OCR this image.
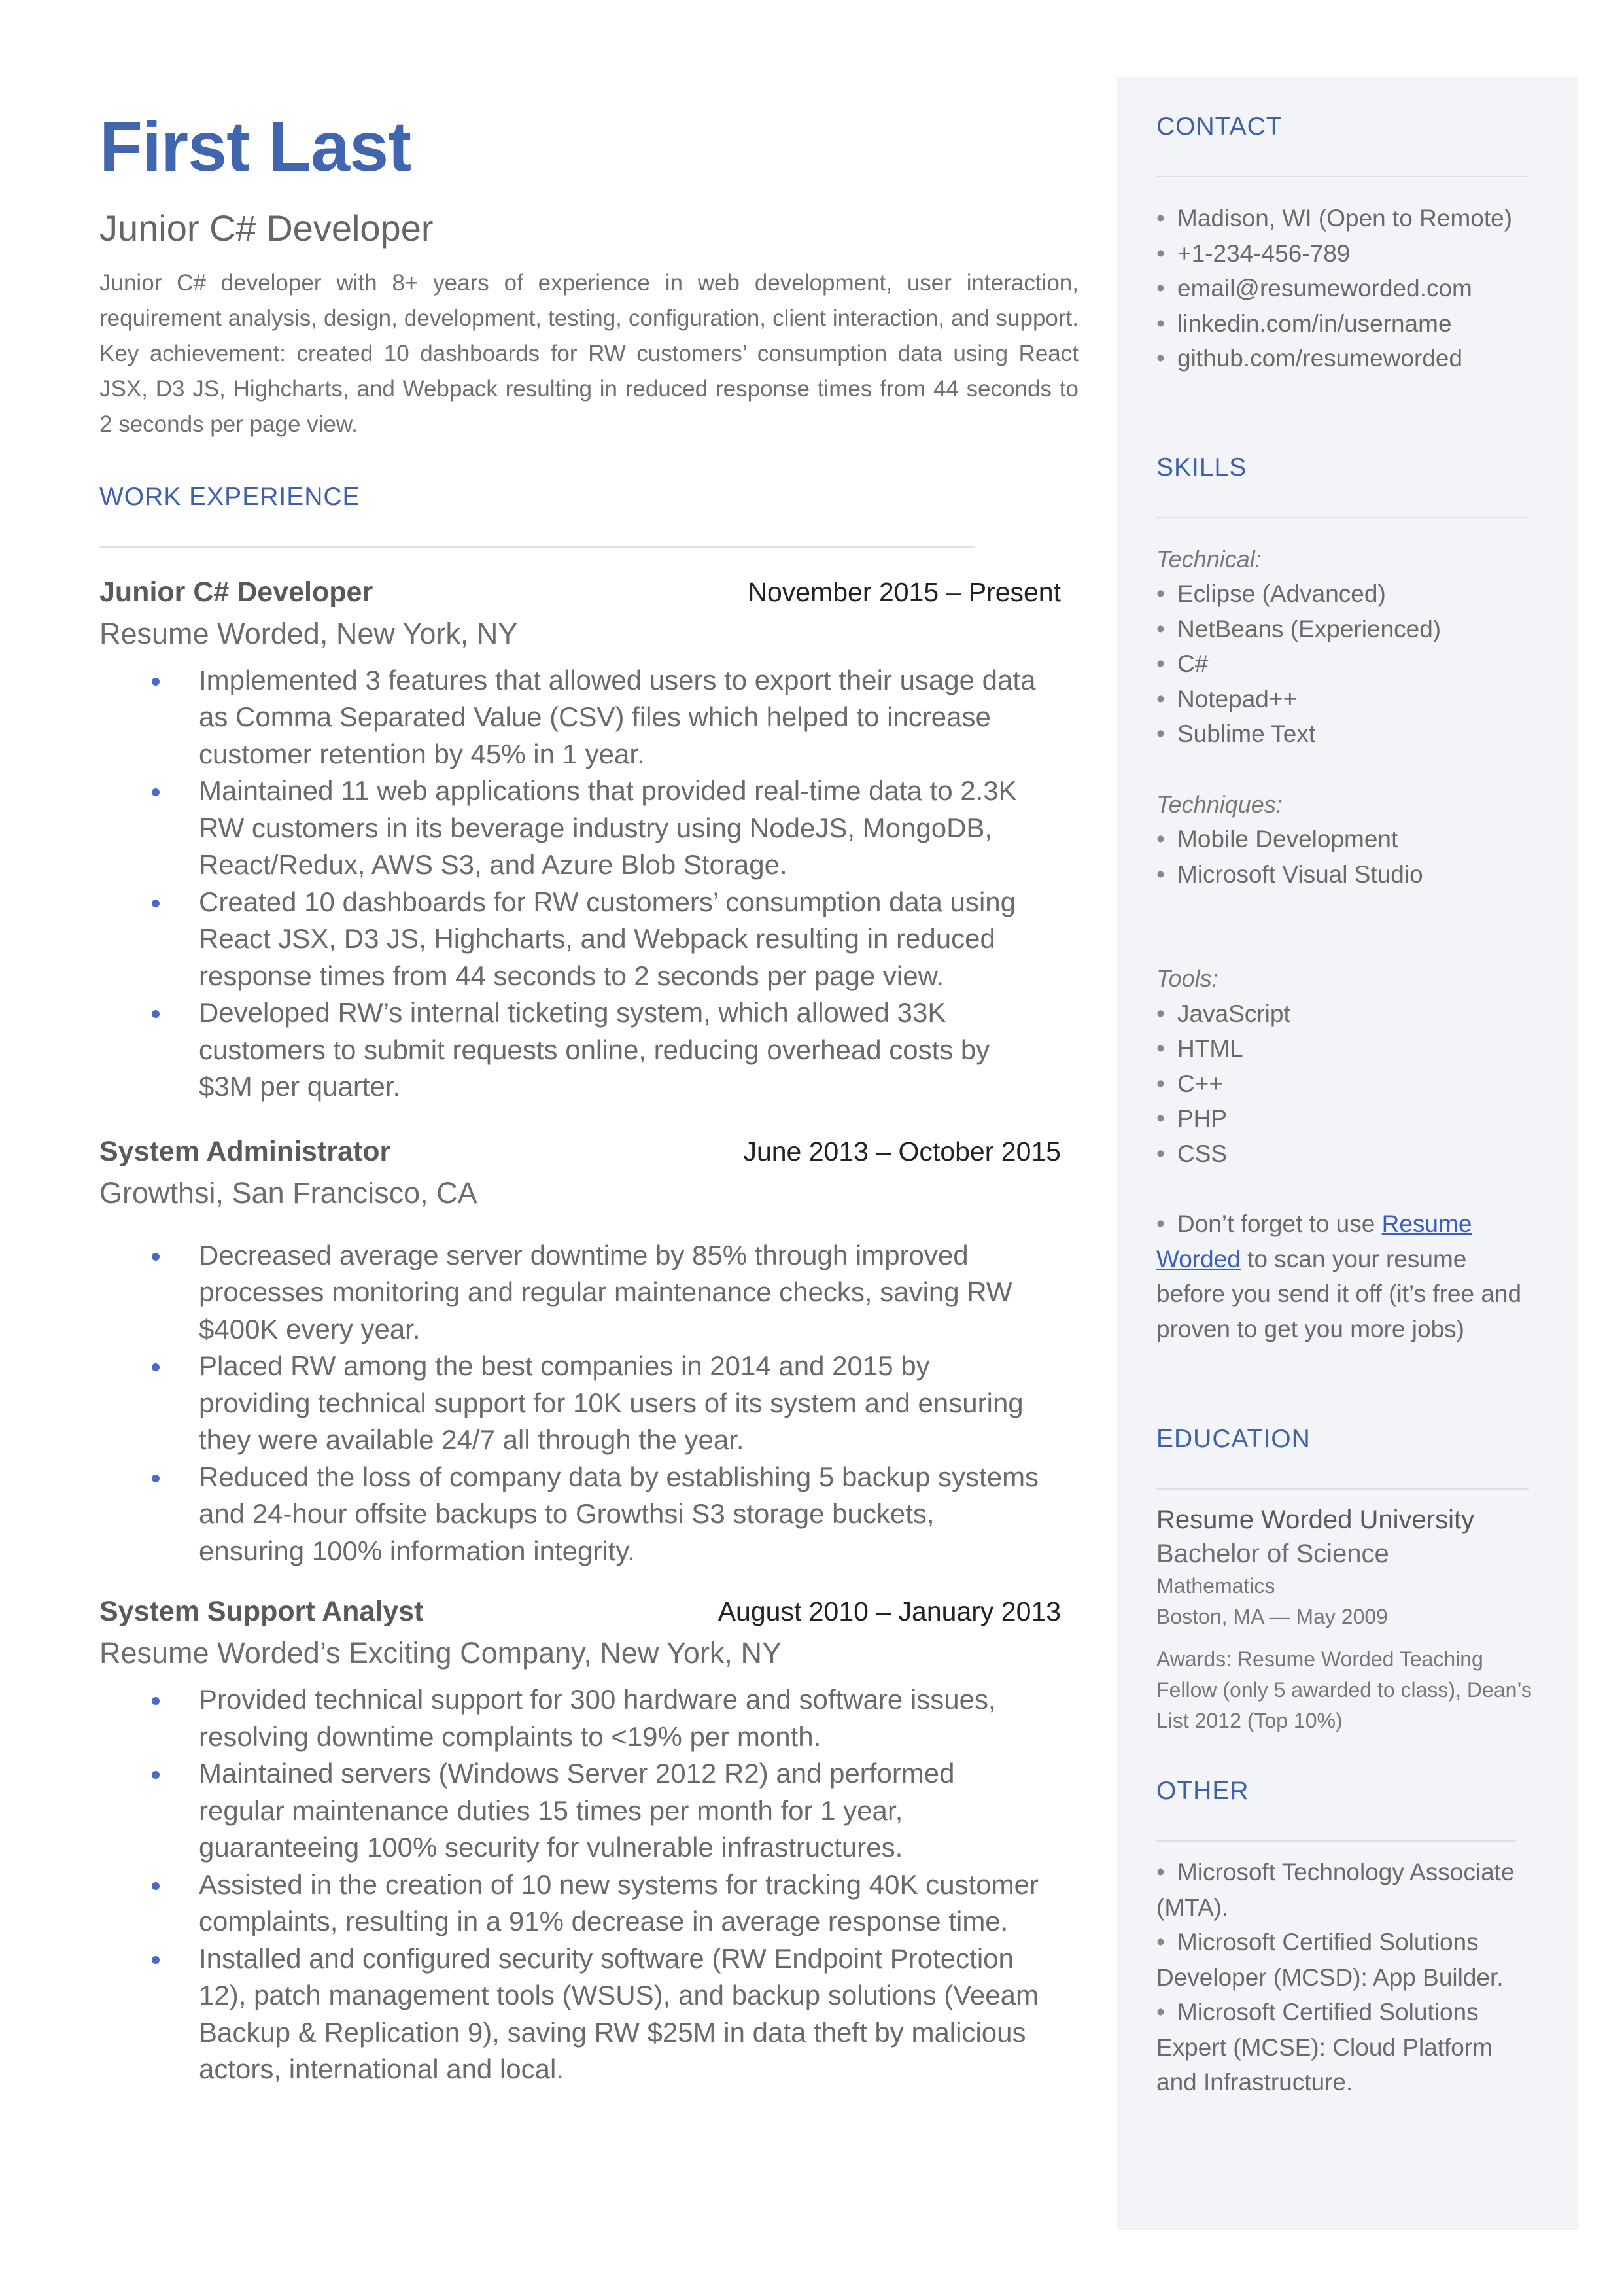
First Last
Junior C# Developer
Junior C# developer with 8+ years of experience in web development, user interaction, requirement analysis, design, development, testing, configuration, client interaction, and support. Key achievement: created 10 dashboards for RW customers’ consumption data using React JSX, D3 JS, Highcharts, and Webpack resulting in reduced response times from 44 seconds to 2 seconds per page view.
WORK EXPERIENCE
Junior C# Developer	November 2015 – Present
Resume Worded, New York, NY
Implemented 3 features that allowed users to export their usage data as Comma Separated Value (CSV) files which helped to increase customer retention by 45% in 1 year.
Maintained 11 web applications that provided real-time data to 2.3K RW customers in its beverage industry using NodeJS, MongoDB, React/Redux, AWS S3, and Azure Blob Storage.
Created 10 dashboards for RW customers’ consumption data using React JSX, D3 JS, Highcharts, and Webpack resulting in reduced response times from 44 seconds to 2 seconds per page view.
Developed RW’s internal ticketing system, which allowed 33K customers to submit requests online, reducing overhead costs by $3M per quarter.
System Administrator	June 2013 – October 2015
Growthsi, San Francisco, CA
Decreased average server downtime by 85% through improved processes monitoring and regular maintenance checks, saving RW $400K every year.
Placed RW among the best companies in 2014 and 2015 by providing technical support for 10K users of its system and ensuring they were available 24/7 all through the year.
Reduced the loss of company data by establishing 5 backup systems and 24-hour offsite backups to Growthsi S3 storage buckets, ensuring 100% information integrity.
System Support Analyst	August 2010 – January 2013
Resume Worded’s Exciting Company, New York, NY
Provided technical support for 300 hardware and software issues, resolving downtime complaints to <19% per month.
Maintained servers (Windows Server 2012 R2) and performed regular maintenance duties 15 times per month for 1 year, guaranteeing 100% security for vulnerable infrastructures.
Assisted in the creation of 10 new systems for tracking 40K customer complaints, resulting in a 91% decrease in average response time.
Installed and configured security software (RW Endpoint Protection 12), patch management tools (WSUS), and backup solutions (Veeam Backup & Replication 9), saving RW $25M in data theft by malicious actors, international and local.
CONTACT
• Madison, WI (Open to Remote)
• +1-234-456-789
• email@resumeworded.com
• linkedin.com/in/username
• github.com/resumeworded
SKILLS
Technical:
• Eclipse (Advanced)
• NetBeans (Experienced)
• C#
• Notepad++
• Sublime Text
Techniques:
• Mobile Development
• Microsoft Visual Studio
Tools:
• JavaScript
• HTML
• C++
• PHP
• CSS
• Don’t forget to use Resume Worded to scan your resume before you send it off (it’s free and proven to get you more jobs)
EDUCATION
Resume Worded University
Bachelor of Science
Mathematics
Boston, MA — May 2009
Awards: Resume Worded Teaching Fellow (only 5 awarded to class), Dean’s List 2012 (Top 10%)
OTHER
• Microsoft Technology Associate (MTA).
• Microsoft Certified Solutions Developer (MCSD): App Builder.
• Microsoft Certified Solutions Expert (MCSE): Cloud Platform and Infrastructure.
